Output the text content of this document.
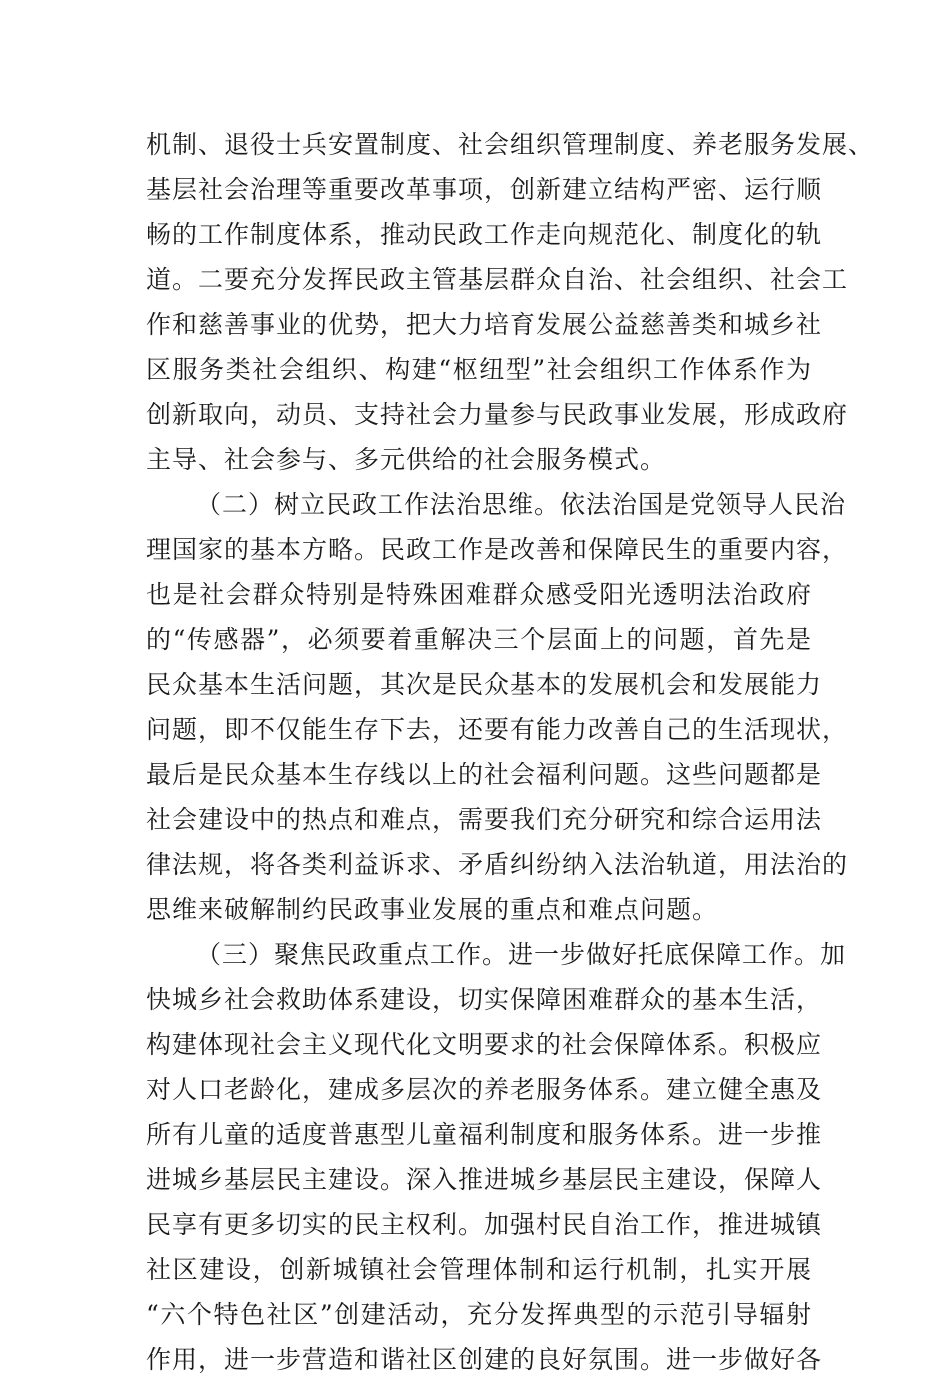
机制、退役士兵安置制度、社会组织管理制度、养老服务发展、
基层社会治理等重要改革事项，创新建立结构严密、运行顺
畅的工作制度体系，推动民政工作走向规范化、制度化的轨
道。二要充分发挥民政主管基层群众自治、社会组织、社会工
作和慈善事业的优势，把大力培育发展公益慈善类和城乡社
区服务类社会组织、构建“枢纽型”社会组织工作体系作为
创新取向，动员、支持社会力量参与民政事业发展，形成政府
主导、社会参与、多元供给的社会服务模式。
（二）树立民政工作法治思维。依法治国是党领导人民治
理国家的基本方略。民政工作是改善和保障民生的重要内容，
也是社会群众特别是特殊困难群众感受阳光透明法治政府
的“传感器”，必须要着重解决三个层面上的问题，首先是
民众基本生活问题，其次是民众基本的发展机会和发展能力
问题，即不仅能生存下去，还要有能力改善自己的生活现状，
最后是民众基本生存线以上的社会福利问题。这些问题都是
社会建设中的热点和难点，需要我们充分研究和综合运用法
律法规，将各类利益诉求、矛盾纠纷纳入法治轨道，用法治的
思维来破解制约民政事业发展的重点和难点问题。
（三）聚焦民政重点工作。进一步做好托底保障工作。加
快城乡社会救助体系建设，切实保障困难群众的基本生活，
构建体现社会主义现代化文明要求的社会保障体系。积极应
对人口老龄化，建成多层次的养老服务体系。建立健全惠及
所有儿童的适度普惠型儿童福利制度和服务体系。进一步推
进城乡基层民主建设。深入推进城乡基层民主建设，保障人
民享有更多切实的民主权利。加强村民自治工作，推进城镇
社区建设，创新城镇社会管理体制和运行机制，扎实开展
“六个特色社区”创建活动，充分发挥典型的示范引导辐射
作用，进一步营造和谐社区创建的良好氛围。进一步做好各
